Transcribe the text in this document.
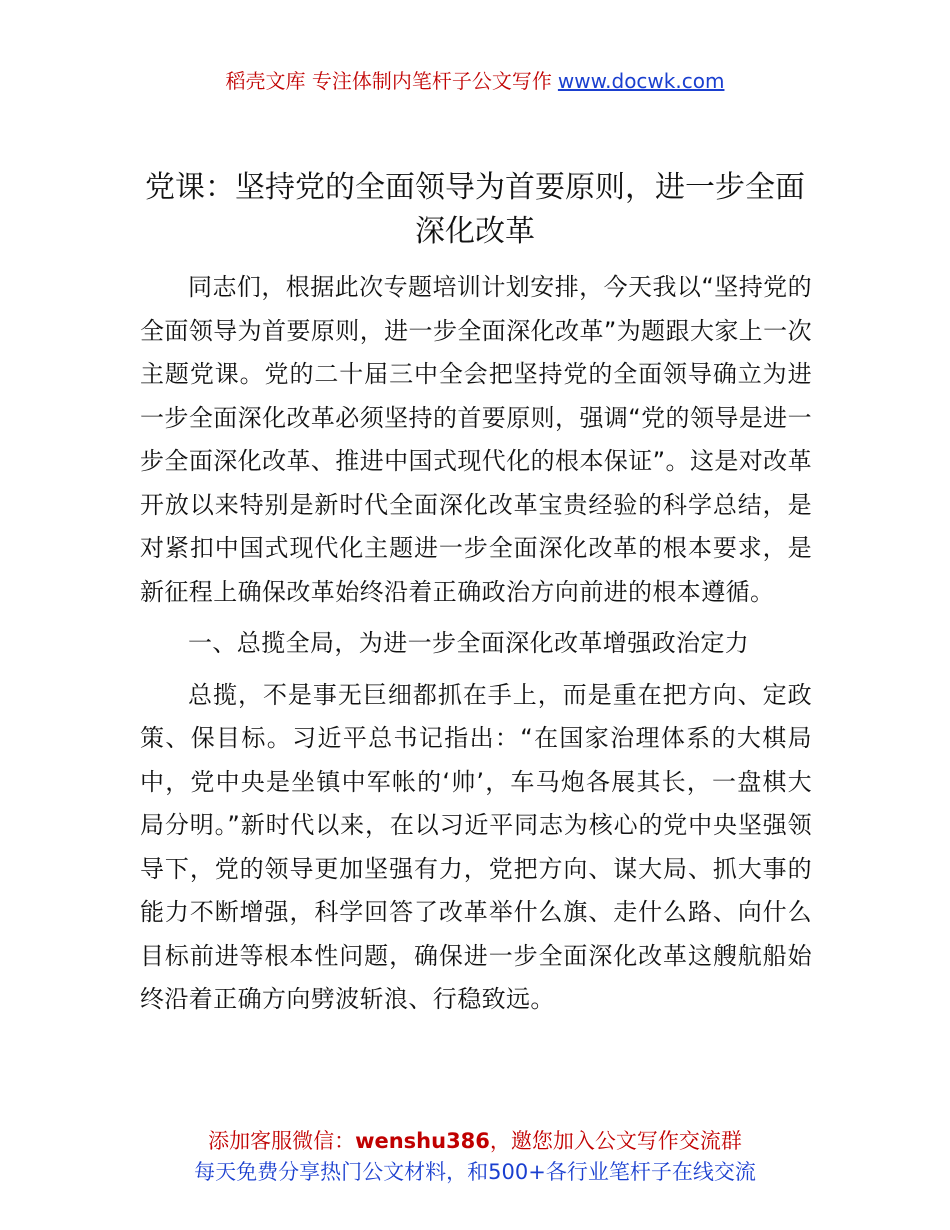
稻壳文库 专注体制内笔杆子公文写作 www.docwk.com
党课：坚持党的全面领导为首要原则，进一步全面深化改革

同志们，根据此次专题培训计划安排，今天我以“坚持党的全面领导为首要原则，进一步全面深化改革”为题跟大家上一次主题党课。党的二十届三中全会把坚持党的全面领导确立为进一步全面深化改革必须坚持的首要原则，强调“党的领导是进一步全面深化改革、推进中国式现代化的根本保证”。这是对改革开放以来特别是新时代全面深化改革宝贵经验的科学总结，是对紧扣中国式现代化主题进一步全面深化改革的根本要求，是新征程上确保改革始终沿着正确政治方向前进的根本遵循。

一、总揽全局，为进一步全面深化改革增强政治定力

总揽，不是事无巨细都抓在手上，而是重在把方向、定政策、保目标。习近平总书记指出：“在国家治理体系的大棋局中，党中央是坐镇中军帐的‘帅’，车马炮各展其长，一盘棋大局分明。”新时代以来，在以习近平同志为核心的党中央坚强领导下，党的领导更加坚强有力，党把方向、谋大局、抓大事的能力不断增强，科学回答了改革举什么旗、走什么路、向什么目标前进等根本性问题，确保进一步全面深化改革这艘航船始终沿着正确方向劈波斩浪、行稳致远。

添加客服微信：wenshu386，邀您加入公文写作交流群
每天免费分享热门公文材料，和500+各行业笔杆子在线交流
